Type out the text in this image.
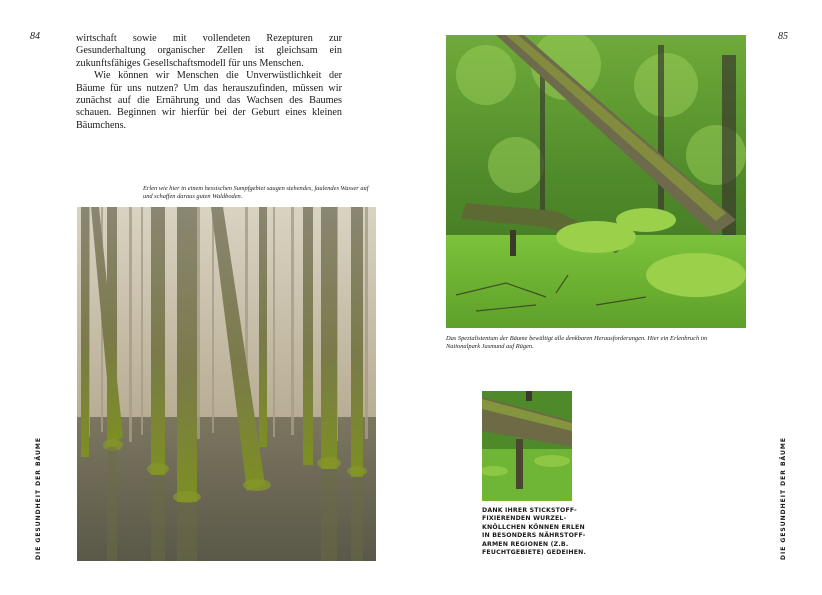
84	85

wirtschaft sowie mit vollendeten Rezepturen zur Gesunderhaltung organischer Zellen ist gleichsam ein zukunftsfähiges Gesellschaftsmodell für uns Menschen.

Wie können wir Menschen die Unverwüstlichkeit der Bäume für uns nutzen? Um das herauszufinden, müssen wir zunächst auf die Ernährung und das Wachsen des Baumes schauen. Beginnen wir hierfür bei der Geburt eines kleinen Bäumchens.

Erlen wie hier in einem hessischen Sumpfgebiet saugen stehendes, faulendes Wasser auf und schaffen daraus guten Waldboden.
Das Spezialistentum der Bäume bewältigt alle denkbaren Herausforderungen. Hier ein Erlenbruch im Nationalpark Jasmund auf Rügen.
DANK IHRER STICKSTOFF-FIXIERENDEN WURZEL-KNÖLLCHEN KÖNNEN ERLEN IN BESONDERS NÄHRSTOFF-ARMEN REGIONEN (Z.B. FEUCHTGEBIETE) GEDEIHEN.
DIE GESUNDHEIT DER BÄUME	DIE GESUNDHEIT DER BÄUME
